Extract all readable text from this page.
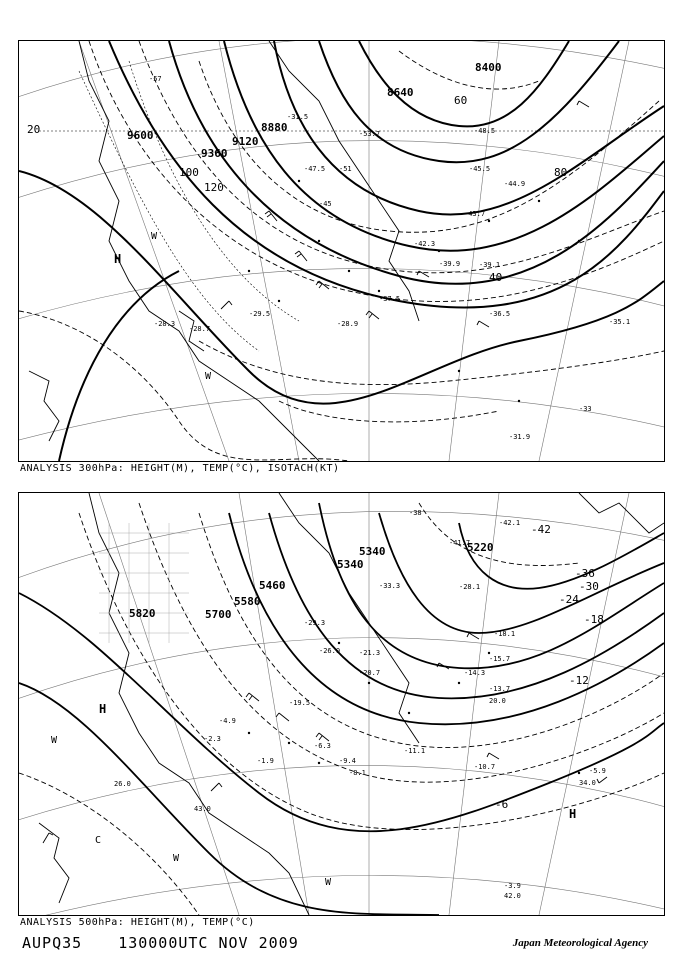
9600
9360
9120
8880
8640
8400
20
40
60
80
100
120
-57
-53.7
-51
-48.5
-47.5	-45.5
-45
-44.9
-43.7
-42.3
-39.9	-39.1
-37.5
-36.5
-35.1
-33
-31.9
-31.5
-29.5
-28.9
-28.7
-28.3
H
W
W
ANALYSIS 300hPa: HEIGHT(M), TEMP(°C), ISOTACH(KT)
5220
5340
5340
5460
5580
5700
5820
-42
-36
-30
-24
-18
-12
-6
-42.1
-41.7
-38
-33.3
-29.3
-28.1
-26.0	-21.3
-20.7
-19.5
-18.1
-15.7
-14.3
-13.7
-11.1
-10.7
-9.4
-8.1
-6.3
-5.9
-4.9
-3.9
-2.3
-1.9
20.0
26.0
42.0
43.0
34.0
H
H
C
W
W
W
ANALYSIS 500hPa: HEIGHT(M), TEMP(°C)
AUPQ35 130000UTC NOV 2009	Japan Meteorological Agency
